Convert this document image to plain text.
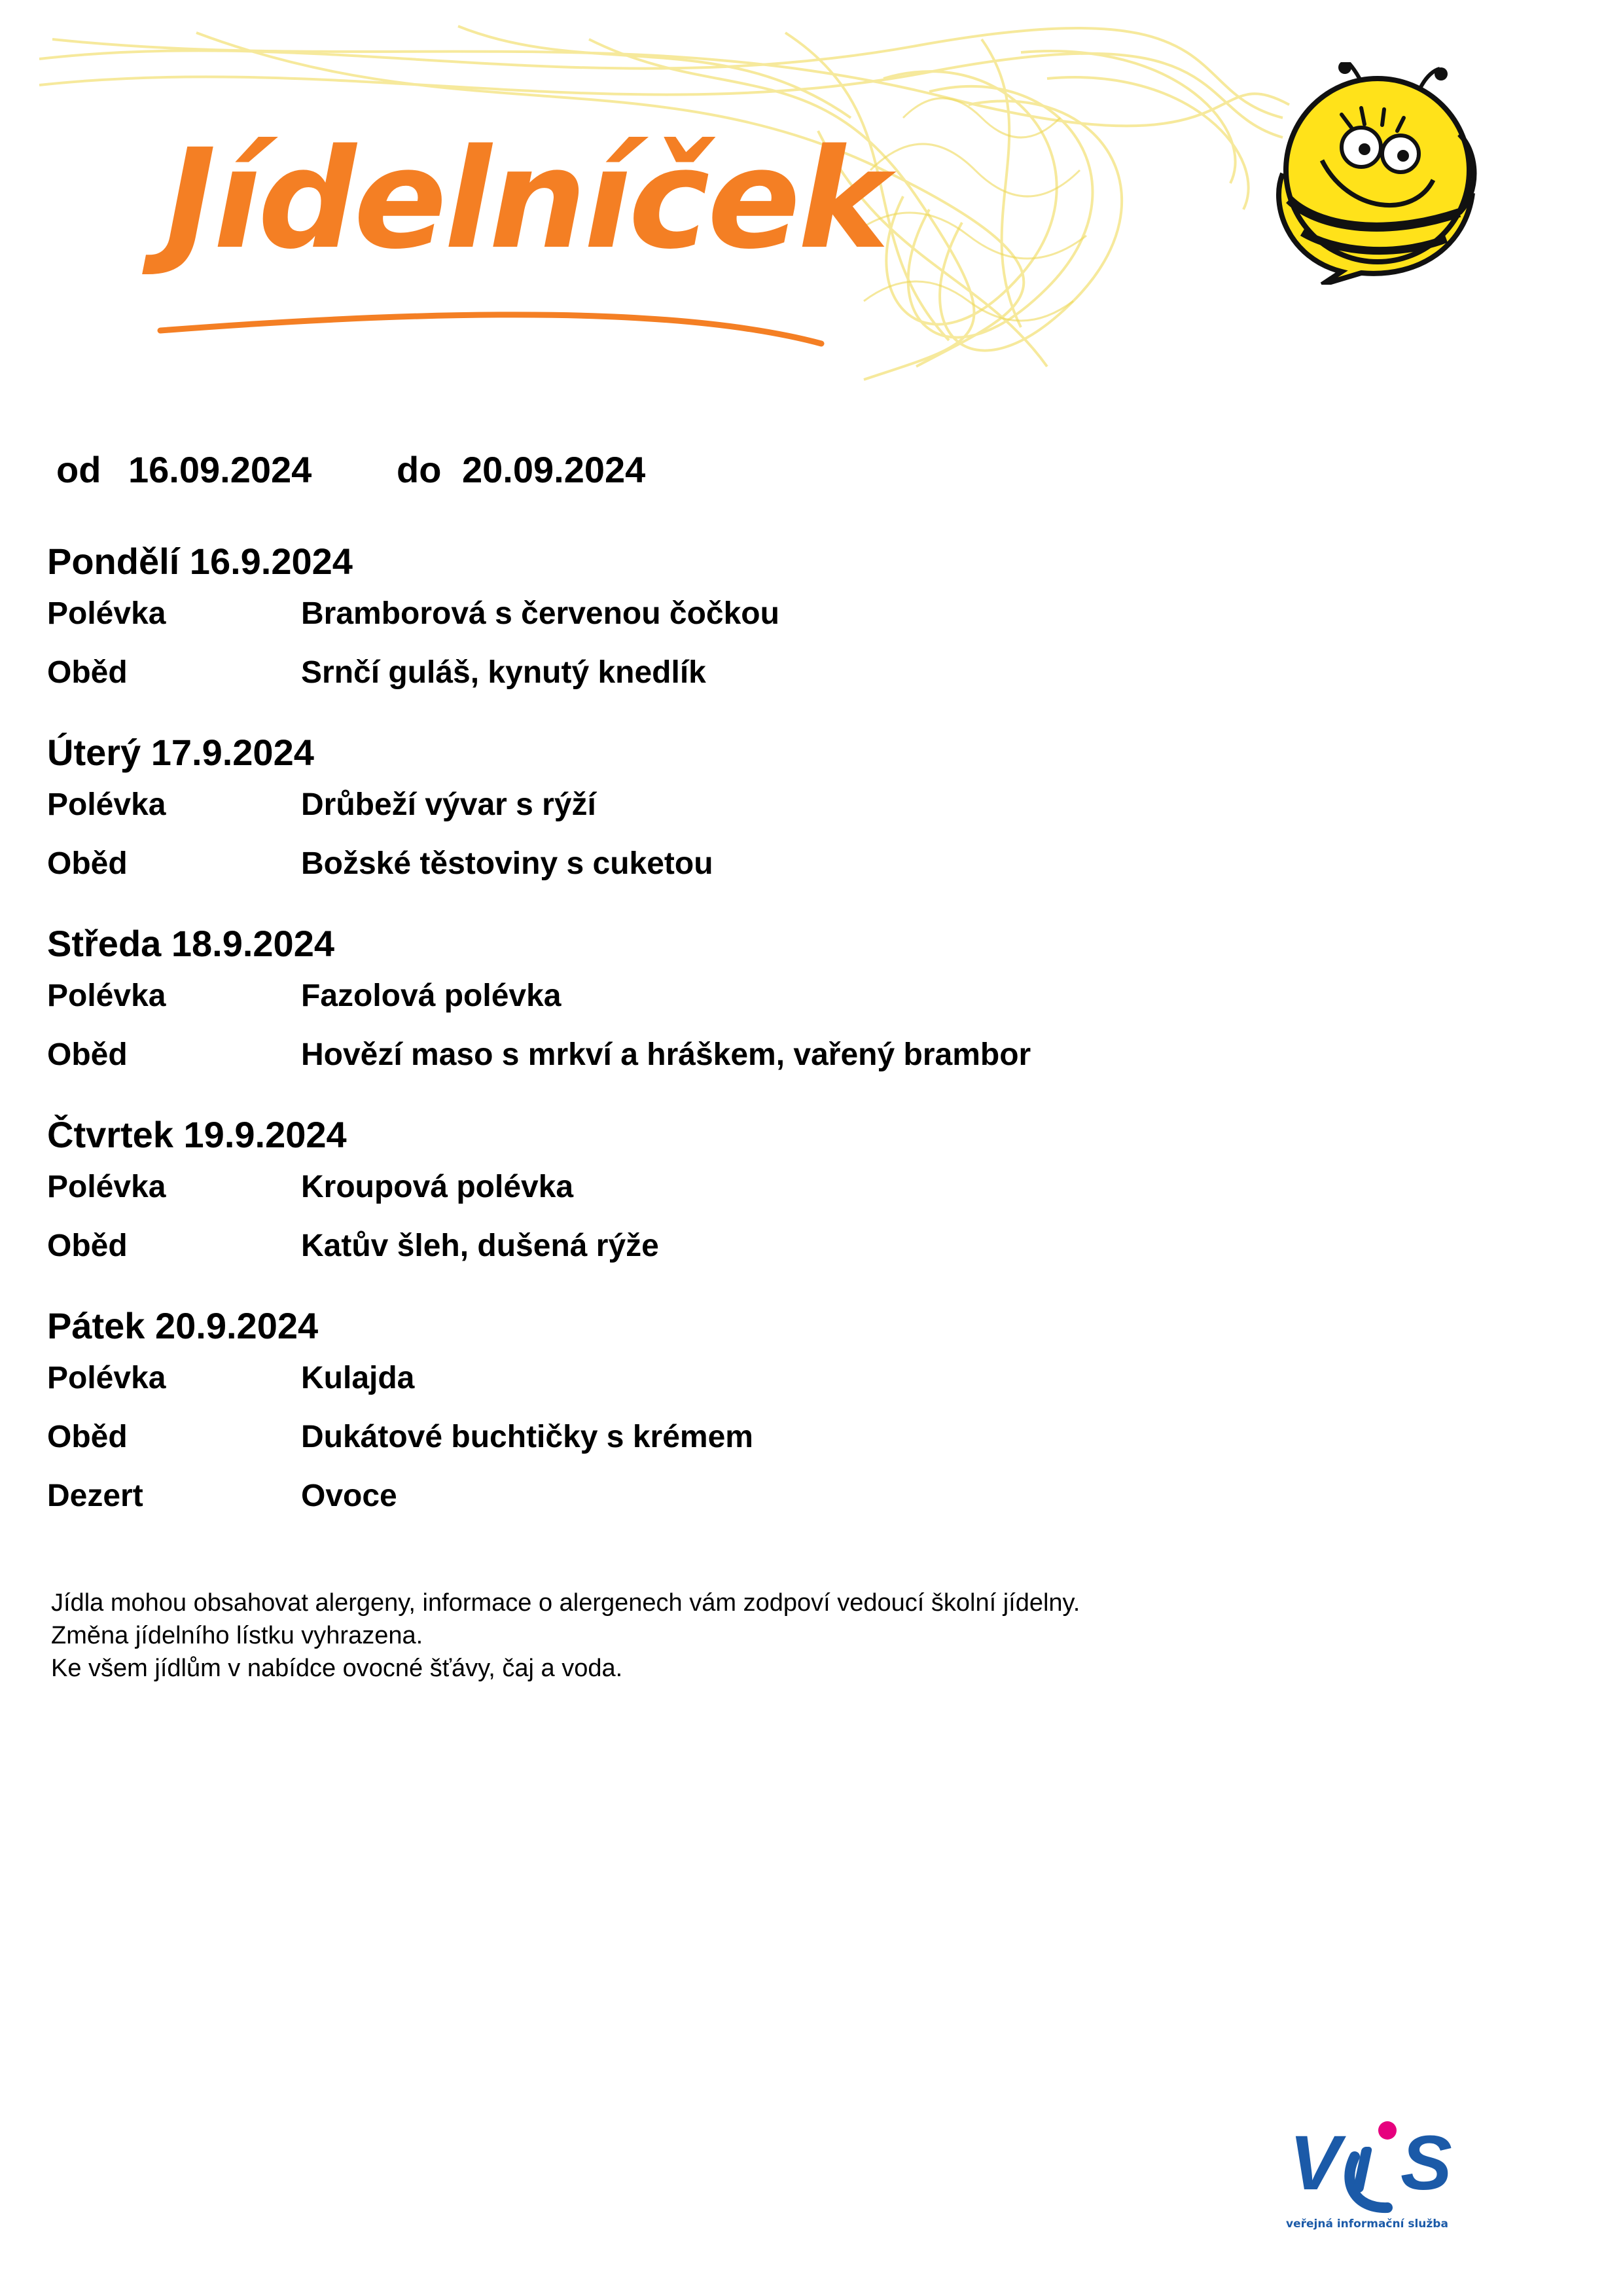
Jídelníček
od 16.09.2024 do 20.09.2024
Pondělí 16.9.2024
Polévka	Bramborová s červenou čočkou
Oběd	Srnčí guláš, kynutý knedlík
Úterý 17.9.2024
Polévka	Drůbeží vývar s rýží
Oběd	Božské těstoviny s cuketou
Středa 18.9.2024
Polévka	Fazolová polévka
Oběd	Hovězí maso s mrkví a hráškem, vařený brambor
Čtvrtek 19.9.2024
Polévka	Kroupová polévka
Oběd	Katův šleh, dušená rýže
Pátek 20.9.2024
Polévka	Kulajda
Oběd	Dukátové buchtičky s krémem
Dezert	Ovoce
Jídla mohou obsahovat alergeny, informace o alergenech vám zodpoví vedoucí školní jídelny.
Změna jídelního lístku vyhrazena.
Ke všem jídlům v nabídce ovocné šťávy, čaj a voda.
V S
veřejná informační služba
